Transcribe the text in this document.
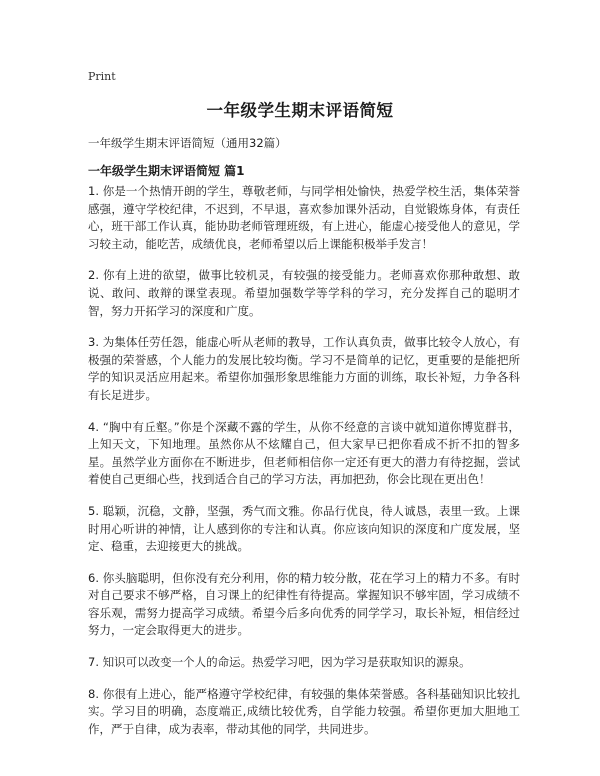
Print
一年级学生期末评语简短
一年级学生期末评语简短（通用32篇）
一年级学生期末评语简短 篇1

1. 你是一个热情开朗的学生，尊敬老师，与同学相处愉快，热爱学校生活，集体荣誉感强，遵守学校纪律，不迟到，不早退，喜欢参加课外活动，自觉锻炼身体，有责任心，班干部工作认真，能协助老师管理班级，有上进心，能虚心接受他人的意见，学习较主动，能吃苦，成绩优良，老师希望以后上课能积极举手发言！

2. 你有上进的欲望，做事比较机灵，有较强的接受能力。老师喜欢你那种敢想、敢说、敢问、敢辩的课堂表现。希望加强数学等学科的学习，充分发挥自己的聪明才智，努力开拓学习的深度和广度。

3. 为集体任劳任怨，能虚心听从老师的教导，工作认真负责，做事比较令人放心，有极强的荣誉感，个人能力的发展比较均衡。学习不是简单的记忆，更重要的是能把所学的知识灵活应用起来。希望你加强形象思维能力方面的训练，取长补短，力争各科有长足进步。

4. “胸中有丘壑。”你是个深藏不露的学生，从你不经意的言谈中就知道你博览群书，上知天文，下知地理。虽然你从不炫耀自己，但大家早已把你看成不折不扣的智多星。虽然学业方面你在不断进步，但老师相信你一定还有更大的潜力有待挖掘，尝试着使自己更细心些，找到适合自己的学习方法，再加把劲，你会比现在更出色！

5. 聪颖，沉稳，文静，坚强，秀气而文雅。你品行优良，待人诚恳，表里一致。上课时用心听讲的神情，让人感到你的专注和认真。你应该向知识的深度和广度发展，坚定、稳重，去迎接更大的挑战。

6. 你头脑聪明，但你没有充分利用，你的精力较分散，花在学习上的精力不多。有时对自己要求不够严格，自习课上的纪律性有待提高。掌握知识不够牢固，学习成绩不容乐观，需努力提高学习成绩。希望今后多向优秀的同学学习，取长补短，相信经过努力，一定会取得更大的进步。

7. 知识可以改变一个人的命运。热爱学习吧，因为学习是获取知识的源泉。

8. 你很有上进心，能严格遵守学校纪律，有较强的集体荣誉感。各科基础知识比较扎实。学习目的明确，态度端正,成绩比较优秀，自学能力较强。希望你更加大胆地工作，严于自律，成为表率，带动其他的同学，共同进步。
